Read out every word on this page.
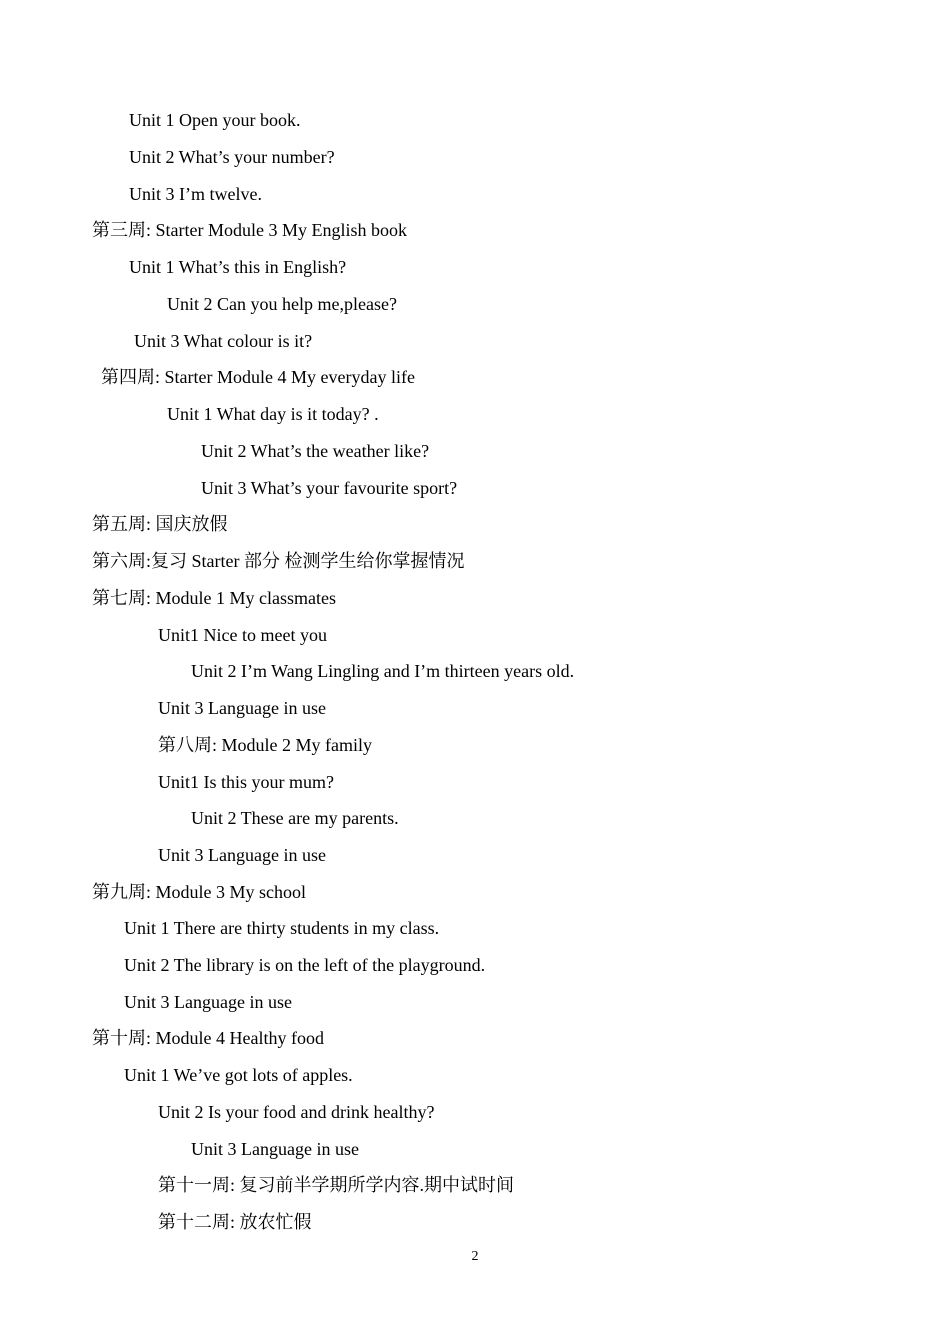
Unit 1 Open your book.
Unit 2 What’s your number?
Unit 3 I’m twelve.
第三周: Starter Module 3 My English book
Unit 1 What’s this in English?
Unit 2 Can you help me,please?
Unit 3 What colour is it?
第四周: Starter Module 4 My everyday life
Unit 1 What day is it today? .
Unit 2 What’s the weather like?
Unit 3 What’s your favourite sport?
第五周: 国庆放假
第六周:复习 Starter 部分 检测学生给你掌握情况
第七周: Module 1 My classmates
Unit1 Nice to meet you
Unit 2 I’m Wang Lingling and I’m thirteen years old.
Unit 3 Language in use
第八周: Module 2 My family
Unit1 Is this your mum?
Unit 2 These are my parents.
Unit 3 Language in use
第九周: Module 3 My school
Unit 1 There are thirty students in my class.
Unit 2 The library is on the left of the playground.
Unit 3 Language in use
第十周: Module 4 Healthy food
Unit 1 We’ve got lots of apples.
Unit 2 Is your food and drink healthy?
Unit 3 Language in use
第十一周: 复习前半学期所学内容.期中试时间
第十二周: 放农忙假
2
